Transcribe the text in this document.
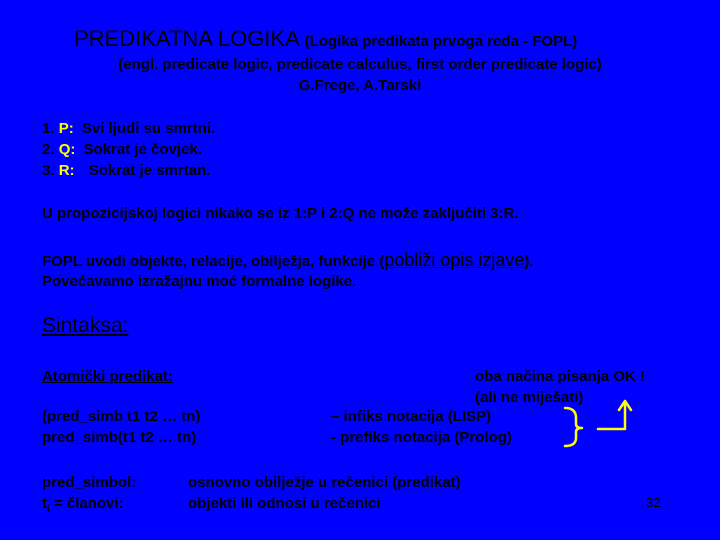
PREDIKATNA LOGIKA (Logika predikata prvoga reda - FOPL)
(engl. predicate logic, predicate calculus, first order predicate logic)
G.Frege, A.Tarski
1. P: Svi ljudi su smrtni.
2. Q: Sokrat je čovjek.
3. R: Sokrat je smrtan.
U propozicijskoj logici nikako se iz 1:P i 2:Q ne može zaključiti 3:R.
FOPL uvodi objekte, relacije, obilježja, funkcije (pobliži opis izjave).
Povećavamo izražajnu moć formalne logike.
Sintaksa:
Atomički predikat:
(pred_simb t1 t2 … tn)
pred_simb(t1 t2 … tn)
oba načina pisanja OK !
(ali ne miješati)
– infiks notacija (LISP)
- prefiks notacija (Prolog)
pred_simbol:	osnovno obilježje u rečenici (predikat)
$t_i$ = članovi:	objekti ili odnosi u rečenici	32
